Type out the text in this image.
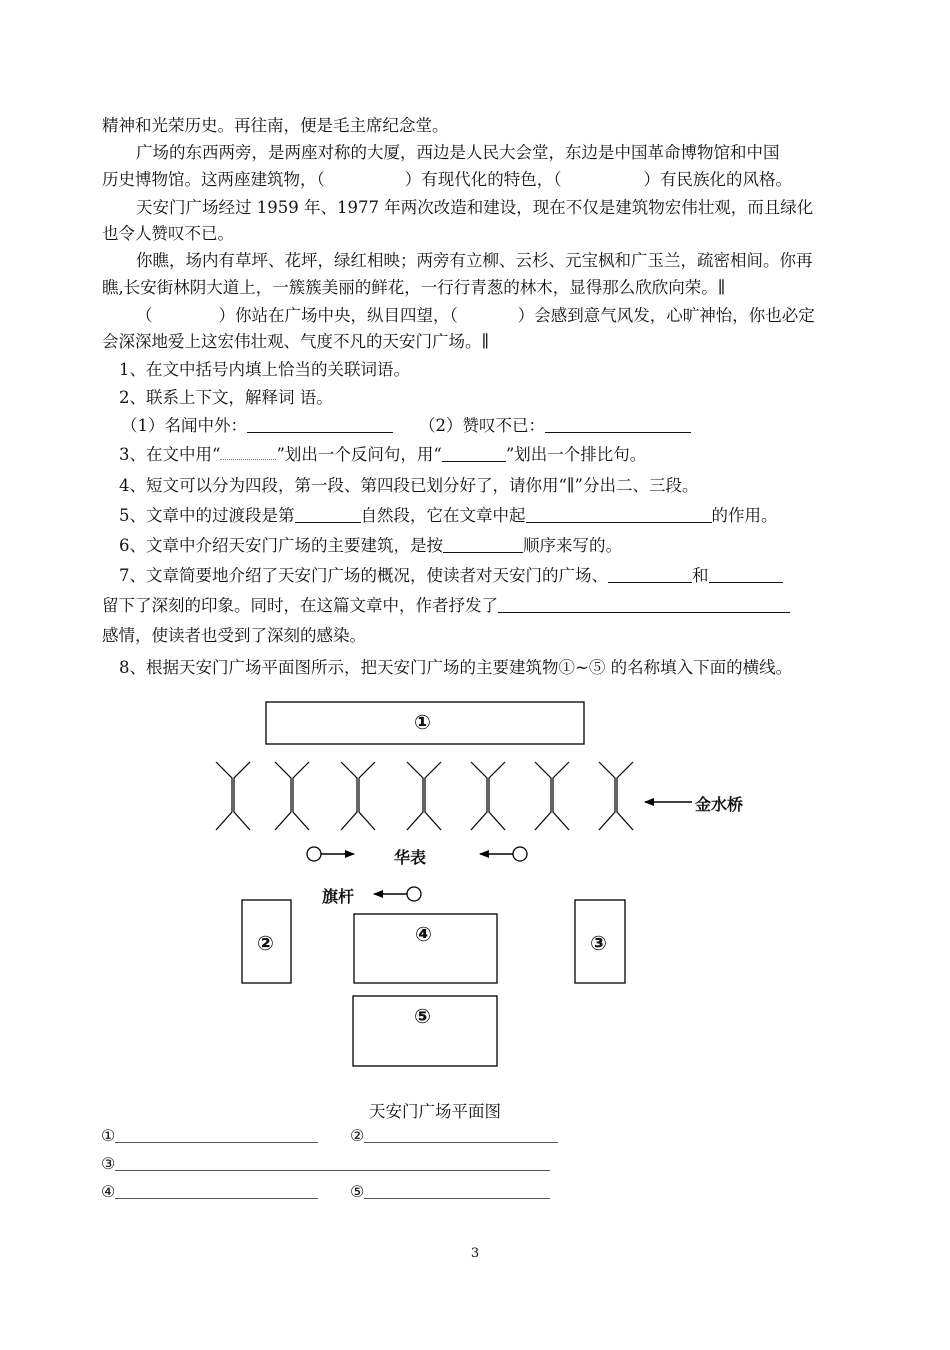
精神和光荣历史。再往南，便是毛主席纪念堂。
广场的东西两旁，是两座对称的大厦，西边是人民大会堂，东边是中国革命博物馆和中国
历史博物馆。这两座建筑物，（	）有现代化的特色，（	）有民族化的风格。
天安门广场经过 1959 年、1977 年两次改造和建设，现在不仅是建筑物宏伟壮观，而且绿化
也令人赞叹不已。
你瞧，场内有草坪、花坪，绿红相映；两旁有立柳、云杉、元宝枫和广玉兰，疏密相间。你再
瞧,长安街林阴大道上，一簇簇美丽的鲜花，一行行青葱的林木，显得那么欣欣向荣。∥
（	）你站在广场中央，纵目四望，（	）会感到意气风发，心旷神怡，你也必定
会深深地爱上这宏伟壮观、气度不凡的天安门广场。∥
1、在文中括号内填上恰当的关联词语。
2、联系上下文，解释词 语。
（1）名闻中外：	（2）赞叹不已：
3、在文中用“	”划出一个反问句，用“	”划出一个排比句。
4、短文可以分为四段，第一段、第四段已划分好了，请你用“∥”分出二、三段。
5、文章中的过渡段是第	自然段，它在文章中起	的作用。
6、文章中介绍天安门广场的主要建筑，是按	顺序来写的。
7、文章简要地介绍了天安门广场的概况，使读者对天安门的广场、	和
留下了深刻的印象。同时，在这篇文章中，作者抒发了
感情，使读者也受到了深刻的感染。
8、根据天安门广场平面图所示，把天安门广场的主要建筑物①~⑤ 的名称填入下面的横线。
①
②	③
④
⑤
金水桥
华表
旗杆
天安门广场平面图
①	②
③
④	⑤
3
